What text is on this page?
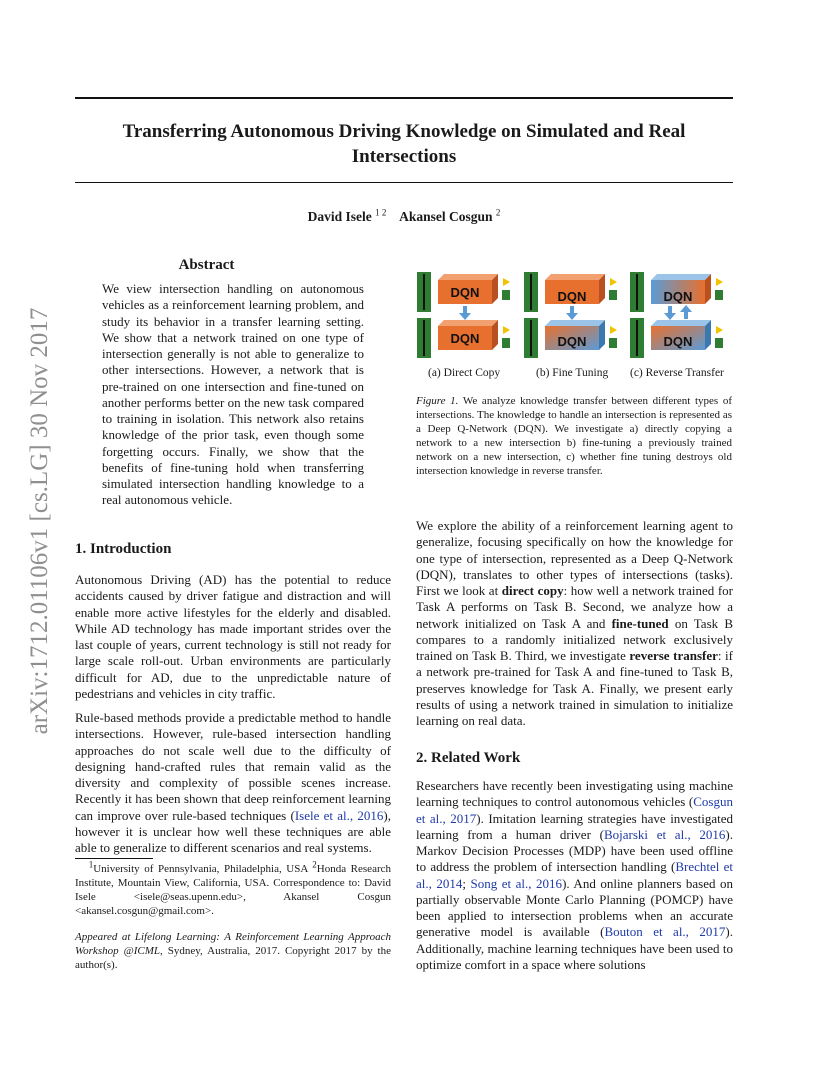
Transferring Autonomous Driving Knowledge on Simulated and Real Intersections
David Isele $^{1 2}$ Akansel Cosgun $^2$
arXiv:1712.01106v1 [cs.LG] 30 Nov 2017
Abstract
We view intersection handling on autonomous vehicles as a reinforcement learning problem, and study its behavior in a transfer learning setting. We show that a network trained on one type of intersection generally is not able to generalize to other intersections. However, a network that is pre-trained on one intersection and fine-tuned on another performs better on the new task compared to training in isolation. This network also retains knowledge of the prior task, even though some forgetting occurs. Finally, we show that the benefits of fine-tuning hold when transferring simulated intersection handling knowledge to a real autonomous vehicle.
1. Introduction
Autonomous Driving (AD) has the potential to reduce accidents caused by driver fatigue and distraction and will enable more active lifestyles for the elderly and disabled. While AD technology has made important strides over the last couple of years, current technology is still not ready for large scale roll-out. Urban environments are particularly difficult for AD, due to the unpredictable nature of pedestrians and vehicles in city traffic.
Rule-based methods provide a predictable method to handle intersections. However, rule-based intersection handling approaches do not scale well due to the difficulty of designing hand-crafted rules that remain valid as the diversity and complexity of possible scenes increase. Recently it has been shown that deep reinforcement learning can improve over rule-based techniques (Isele et al., 2016), however it is unclear how well these techniques are able able to generalize to different scenarios and real systems.
$^1$University of Pennsylvania, Philadelphia, USA $^2$Honda Research Institute, Mountain View, California, USA. Correspondence to: David Isele <isele@seas.upenn.edu>, Akansel Cosgun <akansel.cosgun@gmail.com>.
Appeared at Lifelong Learning: A Reinforcement Learning Approach Workshop @ICML, Sydney, Australia, 2017. Copyright 2017 by the author(s).
DQN
DQN
DQN
DQN
DQN
DQN
(a) Direct Copy	(b) Fine Tuning (c) Reverse Transfer
Figure 1. We analyze knowledge transfer between different types of intersections. The knowledge to handle an intersection is represented as a Deep Q-Network (DQN). We investigate a) directly copying a network to a new intersection b) fine-tuning a previously trained network on a new intersection, c) whether fine tuning destroys old intersection knowledge in reverse transfer.
We explore the ability of a reinforcement learning agent to generalize, focusing specifically on how the knowledge for one type of intersection, represented as a Deep Q-Network (DQN), translates to other types of intersections (tasks). First we look at direct copy: how well a network trained for Task A performs on Task B. Second, we analyze how a network initialized on Task A and fine-tuned on Task B compares to a randomly initialized network exclusively trained on Task B. Third, we investigate reverse transfer: if a network pre-trained for Task A and fine-tuned to Task B, preserves knowledge for Task A. Finally, we present early results of using a network trained in simulation to initialize learning on real data.
2. Related Work
Researchers have recently been investigating using machine learning techniques to control autonomous vehicles (Cosgun et al., 2017). Imitation learning strategies have investigated learning from a human driver (Bojarski et al., 2016). Markov Decision Processes (MDP) have been used offline to address the problem of intersection handling (Brechtel et al., 2014; Song et al., 2016). And online planners based on partially observable Monte Carlo Planning (POMCP) have been applied to intersection problems when an accurate generative model is available (Bouton et al., 2017). Additionally, machine learning techniques have been used to optimize comfort in a space where solutions
